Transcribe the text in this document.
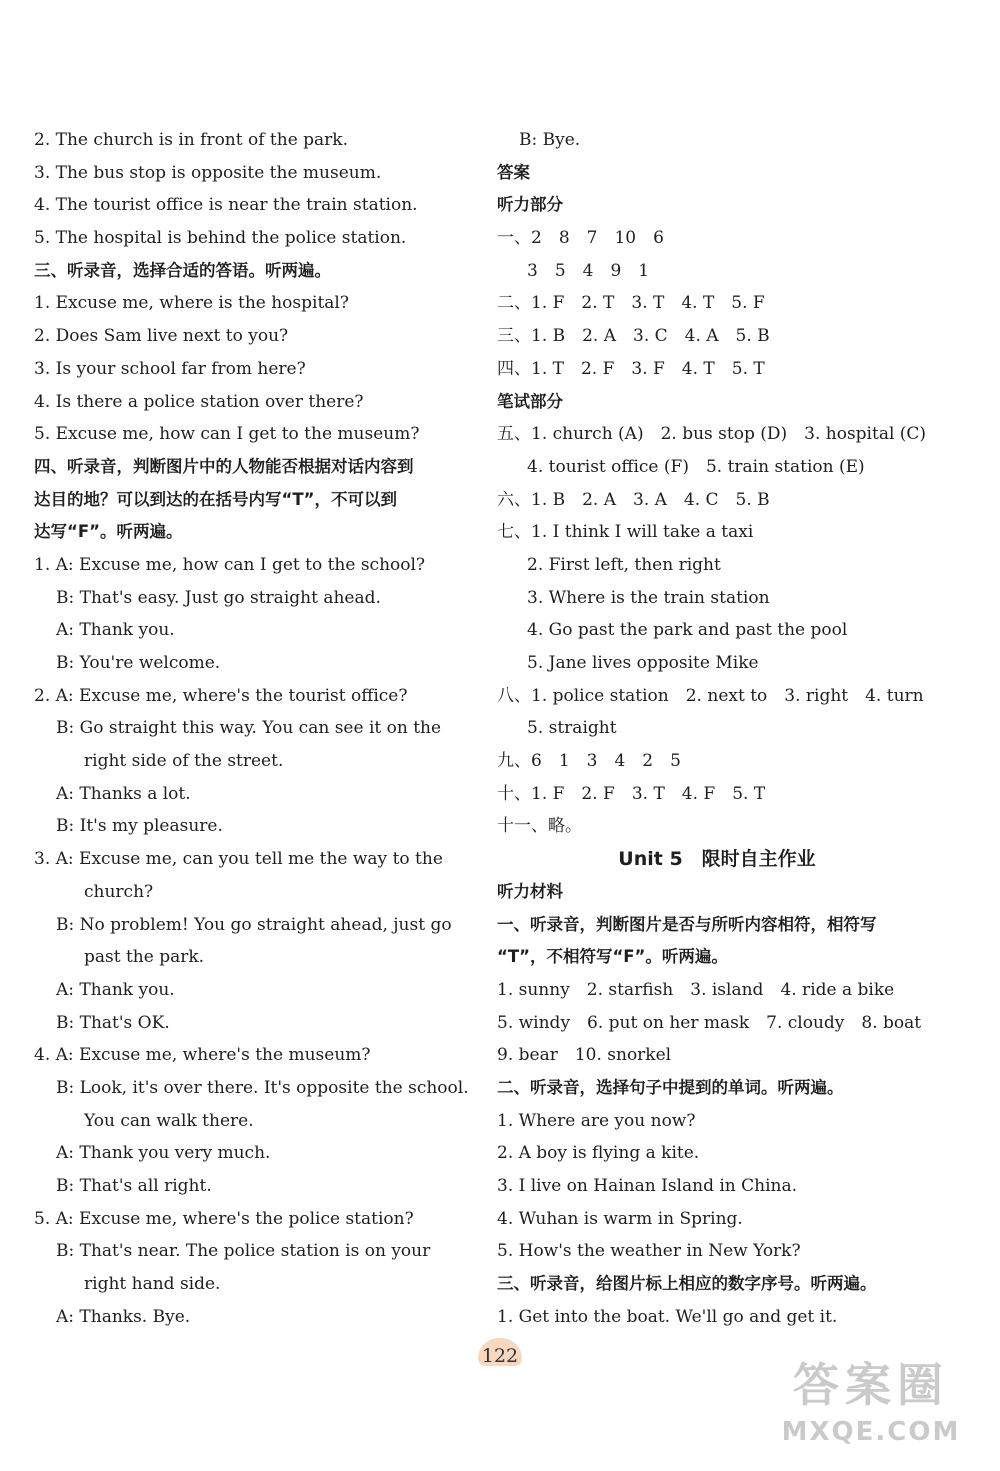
2. The church is in front of the park.
3. The bus stop is opposite the museum.
4. The tourist office is near the train station.
5. The hospital is behind the police station.
三、听录音，选择合适的答语。听两遍。
1. Excuse me, where is the hospital?
2. Does Sam live next to you?
3. Is your school far from here?
4. Is there a police station over there?
5. Excuse me, how can I get to the museum?
四、听录音，判断图片中的人物能否根据对话内容到
达目的地？可以到达的在括号内写“T”，不可以到
达写“F”。听两遍。
1. A: Excuse me, how can I get to the school?
B: That's easy. Just go straight ahead.
A: Thank you.
B: You're welcome.
2. A: Excuse me, where's the tourist office?
B: Go straight this way. You can see it on the
right side of the street.
A: Thanks a lot.
B: It's my pleasure.
3. A: Excuse me, can you tell me the way to the
church?
B: No problem! You go straight ahead, just go
past the park.
A: Thank you.
B: That's OK.
4. A: Excuse me, where's the museum?
B: Look, it's over there. It's opposite the school.
You can walk there.
A: Thank you very much.
B: That's all right.
5. A: Excuse me, where's the police station?
B: That's near. The police station is on your
right hand side.
A: Thanks. Bye.
B: Bye.
答案
听力部分
一、2　8　7　10　6
3　5　4　9　1
二、1. F　2. T　3. T　4. T　5. F
三、1. B　2. A　3. C　4. A　5. B
四、1. T　2. F　3. F　4. T　5. T
笔试部分
五、1. church (A)　2. bus stop (D)　3. hospital (C)
4. tourist office (F)　5. train station (E)
六、1. B　2. A　3. A　4. C　5. B
七、1. I think I will take a taxi
2. First left, then right
3. Where is the train station
4. Go past the park and past the pool
5. Jane lives opposite Mike
八、1. police station　2. next to　3. right　4. turn
5. straight
九、6　1　3　4　2　5
十、1. F　2. F　3. T　4. F　5. T
十一、略。
Unit 5　限时自主作业
听力材料
一、听录音，判断图片是否与所听内容相符，相符写
“T”，不相符写“F”。听两遍。
1. sunny　2. starfish　3. island　4. ride a bike
5. windy　6. put on her mask　7. cloudy　8. boat
9. bear　10. snorkel
二、听录音，选择句子中提到的单词。听两遍。
1. Where are you now?
2. A boy is flying a kite.
3. I live on Hainan Island in China.
4. Wuhan is warm in Spring.
5. How's the weather in New York?
三、听录音，给图片标上相应的数字序号。听两遍。
1. Get into the boat. We'll go and get it.
122
答案圈
MXQE.COM
